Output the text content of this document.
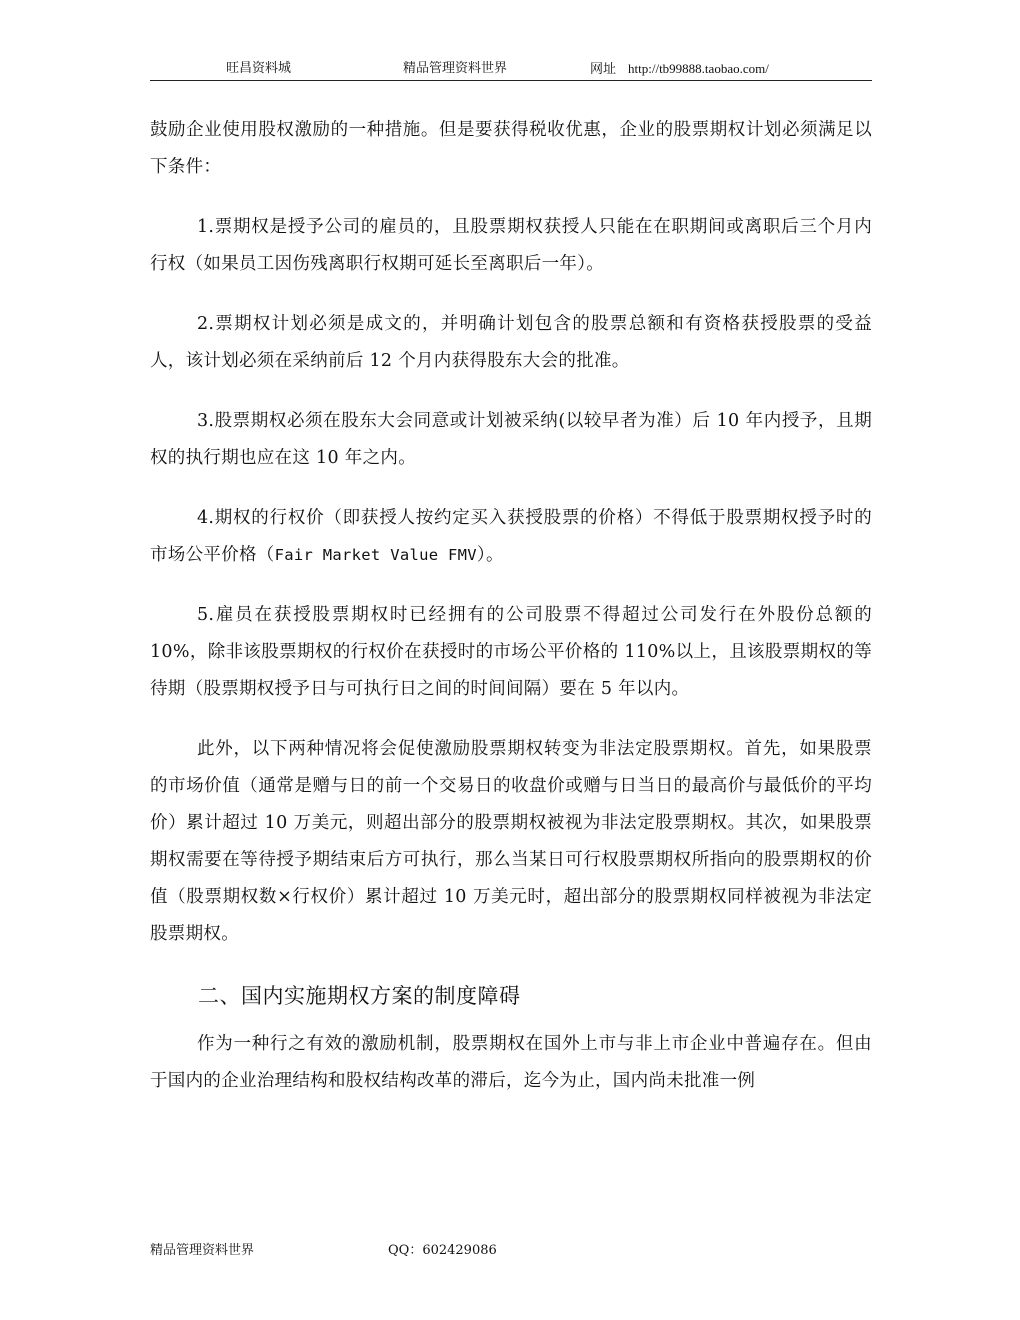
旺昌资料城	精品管理资料世界	网址 http://tb99888.taobao.com/

鼓励企业使用股权激励的一种措施。但是要获得税收优惠，企业的股票期权计划必须满足以下条件：

1.票期权是授予公司的雇员的，且股票期权获授人只能在在职期间或离职后三个月内行权（如果员工因伤残离职行权期可延长至离职后一年）。

2.票期权计划必须是成文的，并明确计划包含的股票总额和有资格获授股票的受益人，该计划必须在采纳前后 12 个月内获得股东大会的批准。

3.股票期权必须在股东大会同意或计划被采纳(以较早者为准）后 10 年内授予，且期权的执行期也应在这 10 年之内。

4.期权的行权价（即获授人按约定买入获授股票的价格）不得低于股票期权授予时的市场公平价格（Fair Market Value FMV）。

5.雇员在获授股票期权时已经拥有的公司股票不得超过公司发行在外股份总额的 10%，除非该股票期权的行权价在获授时的市场公平价格的 110%以上，且该股票期权的等待期（股票期权授予日与可执行日之间的时间间隔）要在 5 年以内。

此外，以下两种情况将会促使激励股票期权转变为非法定股票期权。首先，如果股票的市场价值（通常是赠与日的前一个交易日的收盘价或赠与日当日的最高价与最低价的平均价）累计超过 10 万美元，则超出部分的股票期权被视为非法定股票期权。其次，如果股票期权需要在等待授予期结束后方可执行，那么当某日可行权股票期权所指向的股票期权的价值（股票期权数×行权价）累计超过 10 万美元时，超出部分的股票期权同样被视为非法定股票期权。

二、国内实施期权方案的制度障碍

作为一种行之有效的激励机制，股票期权在国外上市与非上市企业中普遍存在。但由于国内的企业治理结构和股权结构改革的滞后，迄今为止，国内尚未批准一例

精品管理资料世界	QQ：602429086
